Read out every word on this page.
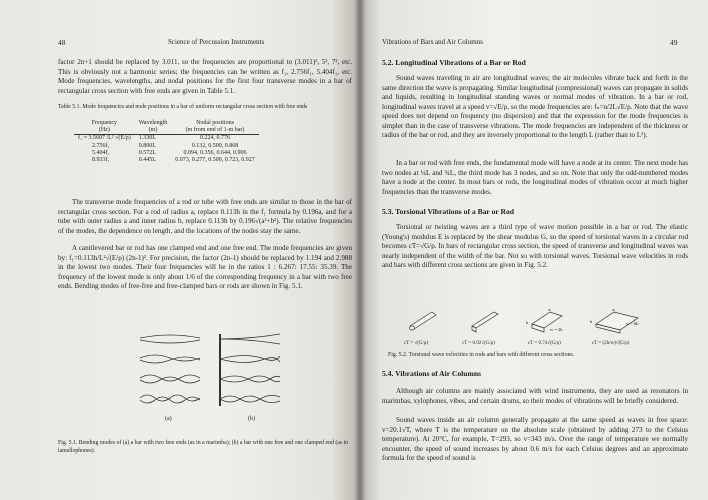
48	Science of Percussion Instruments

factor 2n+1 should be replaced by 3.011, so the frequencies are proportional to (3.011)², 5², 7², etc. This is obviously not a harmonic series; the frequencies can be written as f₁, 2.756f₁, 5.404f₁, etc. Mode frequencies, wavelengths, and nodal positions for the first four transverse modes in a bar of rectangular cross section with free ends are given in Table 5.1.

Table 5.1. Mode frequencies and node positions in a bar of uniform rectangular cross section with free ends
Frequency	Wavelength	Nodal positions
(Hz)	(m)	(m from end of 1-m bar)
f₁ = 3.5607 /L² √(E/ρ)	1.330L	0.224, 0.776
2.756f₁	0.800L	0.132, 0.500, 0.868
5.404f₁	0.572L	0.094, 0.356, 0.644, 0.906
8.933f₁	0.445L	0.073, 0.277, 0.500, 0.723, 0.927
The transverse mode frequencies of a rod or tube with free ends are similar to those in the bar of rectangular cross section. For a rod of radius a, replace 0.113h in the f₁ formula by 0.196a, and for a tube with outer radius a and inner radius b, replace 0.113h by 0.196√(a²+b²). The relative frequencies of the modes, the dependence on length, and the locations of the nodes stay the same.
A cantilevered bar or rod has one clamped end and one free end. The mode frequencies are given by: f₁=0.113h/L²√(E/ρ) (2n-1)². For precision, the factor (2n-1) should be replaced by 1.194 and 2.988 in the lowest two modes. Their four frequencies will be in the ratios 1 : 6.267: 17.55: 35.39. The frequency of the lowest mode is only about 1/6 of the corresponding frequency in a bar with two free ends. Bending modes of free-free and free-clamped bars or rods are shown in Fig. 5.1.
(a)	(b)
Fig. 5.1. Bending modes of (a) a bar with two free ends (as in a marimba); (b) a bar with one free and one clamped end (as in lamellophones).
Vibrations of Bars and Air Columns	49
5.2. Longitudinal Vibrations of a Bar or Rod
Sound waves traveling in air are longitudinal waves; the air molecules vibrate back and forth in the same direction the wave is propagating. Similar longitudinal (compressional) waves can propagate in solids and liquids, resulting in longitudinal standing waves or normal modes of vibration. In a bar or rod, longitudinal waves travel at a speed v=√E/ρ, so the mode frequencies are: fₙ=n/2L√E/ρ. Note that the wave speed does not depend on frequency (no dispersion) and that the expression for the mode frequencies is simpler than in the case of transverse vibrations. The mode frequencies are independent of the thickness or radius of the bar or rod, and they are inversely proportional to the length L (rather than to L²).
In a bar or rod with free ends, the fundamental mode will have a node at its center. The next mode has two nodes at ¼L and ¾L, the third mode has 3 nodes, and so on. Note that only the odd-numbered modes have a node at the center. In most bars or rods, the longitudinal modes of vibration occur at much higher frequencies than the transverse modes.
5.3. Torsional Vibrations of a Bar or Rod
Torsional or twisting waves are a third type of wave motion possible in a bar or rod. The elastic (Young's) modulus E is replaced by the shear modulus G, so the speed of torsional waves in a circular rod becomes cT=√G/ρ. In bars of rectangular cross section, the speed of transverse and longitudinal waves was nearly independent of the width of the bar. Not so with torsional waves. Torsional wave velocities in rods and bars with different cross sections are given in Fig. 5.2.
h
w
w = 2h
h
w
w > 6h
cT = √(G/ρ)	cT = 0.92√(G/ρ)	cT = 0.74√(G/ρ)	cT = (2h/w)√(G/ρ)
Fig. 5.2. Torsional wave velocities in rods and bars with different cross sections.
5.4. Vibrations of Air Columns
Although air columns are mainly associated with wind instruments, they are used as resonators in marimbas, xylophones, vibes, and certain drums, so their modes of vibrations will be briefly considered.
Sound waves inside an air column generally propagate at the same speed as waves in free space: v=20.1√T, where T is the temperature on the absolute scale (obtained by adding 273 to the Celsius temperature). At 20°C, for example, T=293, so v=343 m/s. Over the range of temperature we normally encounter, the speed of sound increases by about 0.6 m/s for each Celsius degrees and an approximate formula for the speed of sound is
